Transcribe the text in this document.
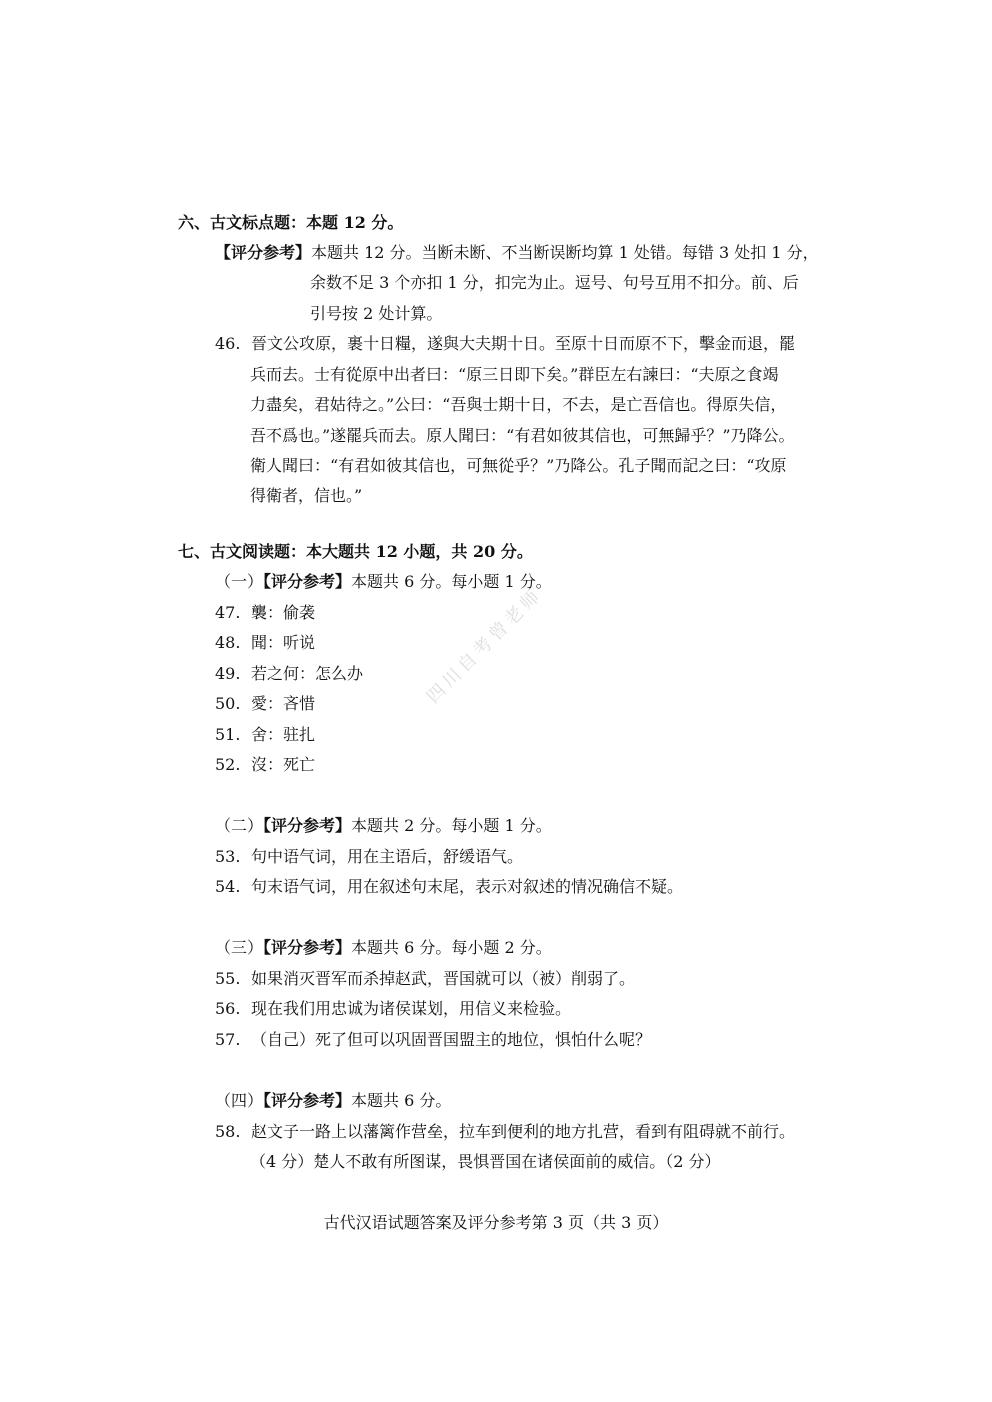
四川自考曾老师
六、古文标点题：本题 12 分。
【评分参考】本题共 12 分。当断未断、不当断误断均算 1 处错。每错 3 处扣 1 分，
余数不足 3 个亦扣 1 分，扣完为止。逗号、句号互用不扣分。前、后
引号按 2 处计算。
46. 晉文公攻原，裹十日糧，遂與大夫期十日。至原十日而原不下，擊金而退，罷
兵而去。士有從原中出者曰：“原三日即下矣。”群臣左右諫曰：“夫原之食竭
力盡矣，君姑待之。”公曰：“吾與士期十日，不去，是亡吾信也。得原失信，
吾不爲也。”遂罷兵而去。原人聞曰：“有君如彼其信也，可無歸乎？”乃降公。
衛人聞曰：“有君如彼其信也，可無從乎？”乃降公。孔子聞而記之曰：“攻原
得衛者，信也。”
七、古文阅读题：本大题共 12 小题，共 20 分。
（一）【评分参考】本题共 6 分。每小题 1 分。
47. 襲：偷袭
48. 聞：听说
49. 若之何：怎么办
50. 愛：吝惜
51. 舍：驻扎
52. 沒：死亡
（二）【评分参考】本题共 2 分。每小题 1 分。
53. 句中语气词，用在主语后，舒缓语气。
54. 句末语气词，用在叙述句末尾，表示对叙述的情况确信不疑。
（三）【评分参考】本题共 6 分。每小题 2 分。
55. 如果消灭晋军而杀掉赵武，晋国就可以（被）削弱了。
56. 现在我们用忠诚为诸侯谋划，用信义来检验。
57. （自己）死了但可以巩固晋国盟主的地位，惧怕什么呢？
（四）【评分参考】本题共 6 分。
58. 赵文子一路上以藩篱作营垒，拉车到便利的地方扎营，看到有阻碍就不前行。
（4 分）楚人不敢有所图谋，畏惧晋国在诸侯面前的威信。（2 分）
古代汉语试题答案及评分参考第 3 页（共 3 页）
